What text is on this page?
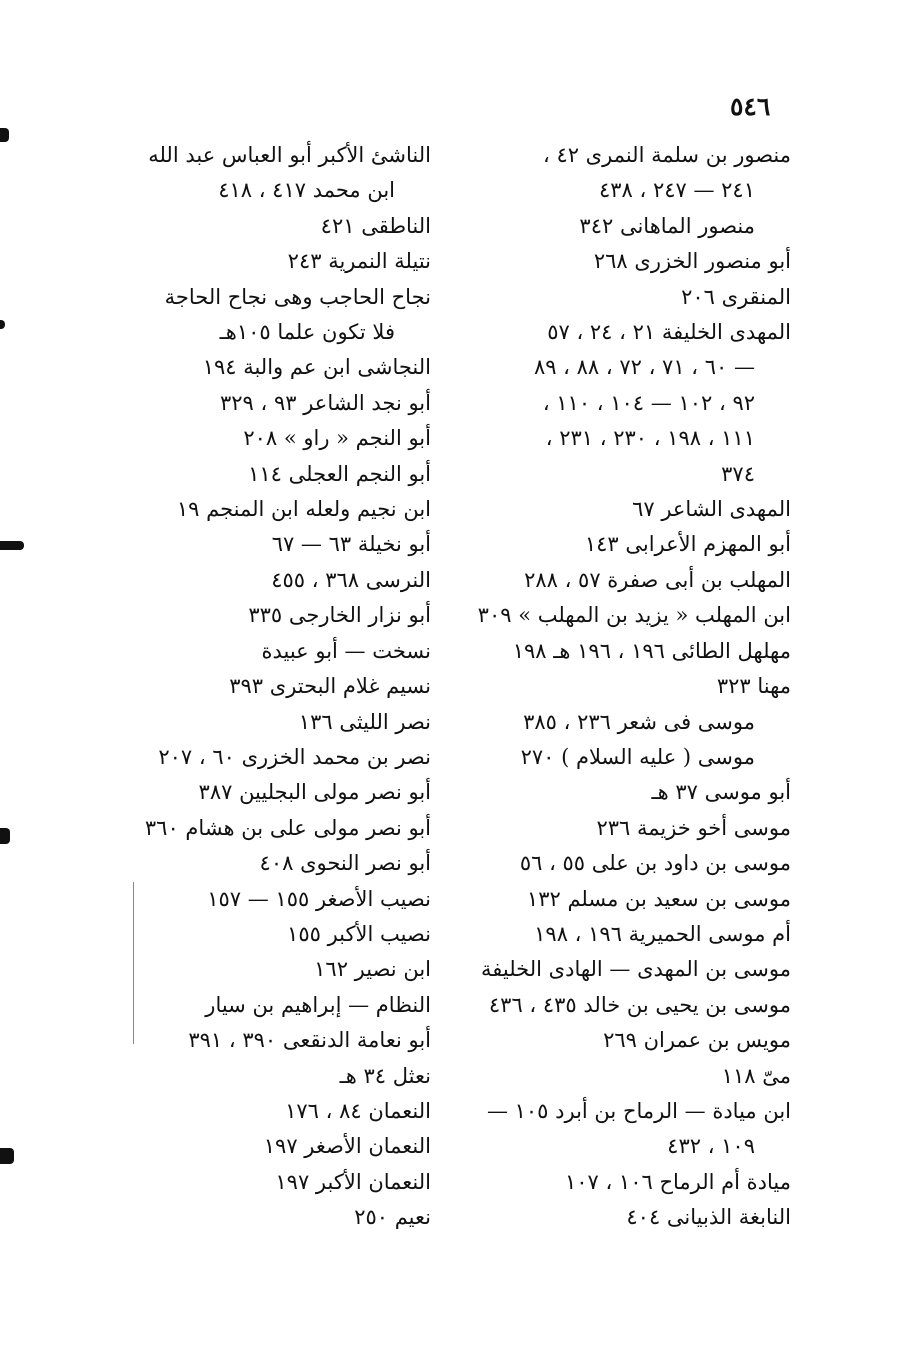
٥٤٦
منصور بن سلمة النمرى ٤٢ ،
٢٤١ — ٢٤٧ ، ٤٣٨
منصور الماهانى ٣٤٢
أبو منصور الخزرى ٢٦٨
المنقرى ٢٠٦
المهدى الخليفة ٢١ ، ٢٤ ، ٥٧
— ٦٠ ، ٧١ ، ٧٢ ، ٨٨ ، ٨٩
٩٢ ، ١٠٢ — ١٠٤ ، ١١٠ ،
١١١ ، ١٩٨ ، ٢٣٠ ، ٢٣١ ،
٣٧٤
المهدى الشاعر ٦٧
أبو المهزم الأعرابى ١٤٣
المهلب بن أبى صفرة ٥٧ ، ٢٨٨
ابن المهلب « يزيد بن المهلب » ٣٠٩
مهلهل الطائى ١٩٦ ، ١٩٦ هـ ١٩٨
مهنا ٣٢٣
موسى فى شعر ٢٣٦ ، ٣٨٥
موسى ( عليه السلام ) ٢٧٠
أبو موسى ٣٧ هـ
موسى أخو خزيمة ٢٣٦
موسى بن داود بن على ٥٥ ، ٥٦
موسى بن سعيد بن مسلم ١٣٢
أم موسى الحميرية ١٩٦ ، ١٩٨
موسى بن المهدى — الهادى الخليفة
موسى بن يحيى بن خالد ٤٣٥ ، ٤٣٦
مويس بن عمران ٢٦٩
مىّ ١١٨
ابن ميادة — الرماح بن أبرد ١٠٥ —
١٠٩ ، ٤٣٢
ميادة أم الرماح ١٠٦ ، ١٠٧
النابغة الذبيانى ٤٠٤
الناشئ الأكبر أبو العباس عبد الله
ابن محمد ٤١٧ ، ٤١٨
الناطقى ٤٢١
نتيلة النمرية ٢٤٣
نجاح الحاجب وهى نجاح الحاجة
فلا تكون علما ١٠٥هـ
النجاشى ابن عم والبة ١٩٤
أبو نجد الشاعر ٩٣ ، ٣٢٩
أبو النجم « راو » ٢٠٨
أبو النجم العجلى ١١٤
ابن نجيم ولعله ابن المنجم ١٩
أبو نخيلة ٦٣ — ٦٧
النرسى ٣٦٨ ، ٤٥٥
أبو نزار الخارجى ٣٣٥
نسخت — أبو عبيدة
نسيم غلام البحترى ٣٩٣
نصر الليثى ١٣٦
نصر بن محمد الخزرى ٦٠ ، ٢٠٧
أبو نصر مولى البجليين ٣٨٧
أبو نصر مولى على بن هشام ٣٦٠
أبو نصر النحوى ٤٠٨
نصيب الأصغر ١٥٥ — ١٥٧
نصيب الأكبر ١٥٥
ابن نصير ١٦٢
النظام — إبراهيم بن سيار
أبو نعامة الدنقعى ٣٩٠ ، ٣٩١
نعثل ٣٤ هـ
النعمان ٨٤ ، ١٧٦
النعمان الأصغر ١٩٧
النعمان الأكبر ١٩٧
نعيم ٢٥٠
